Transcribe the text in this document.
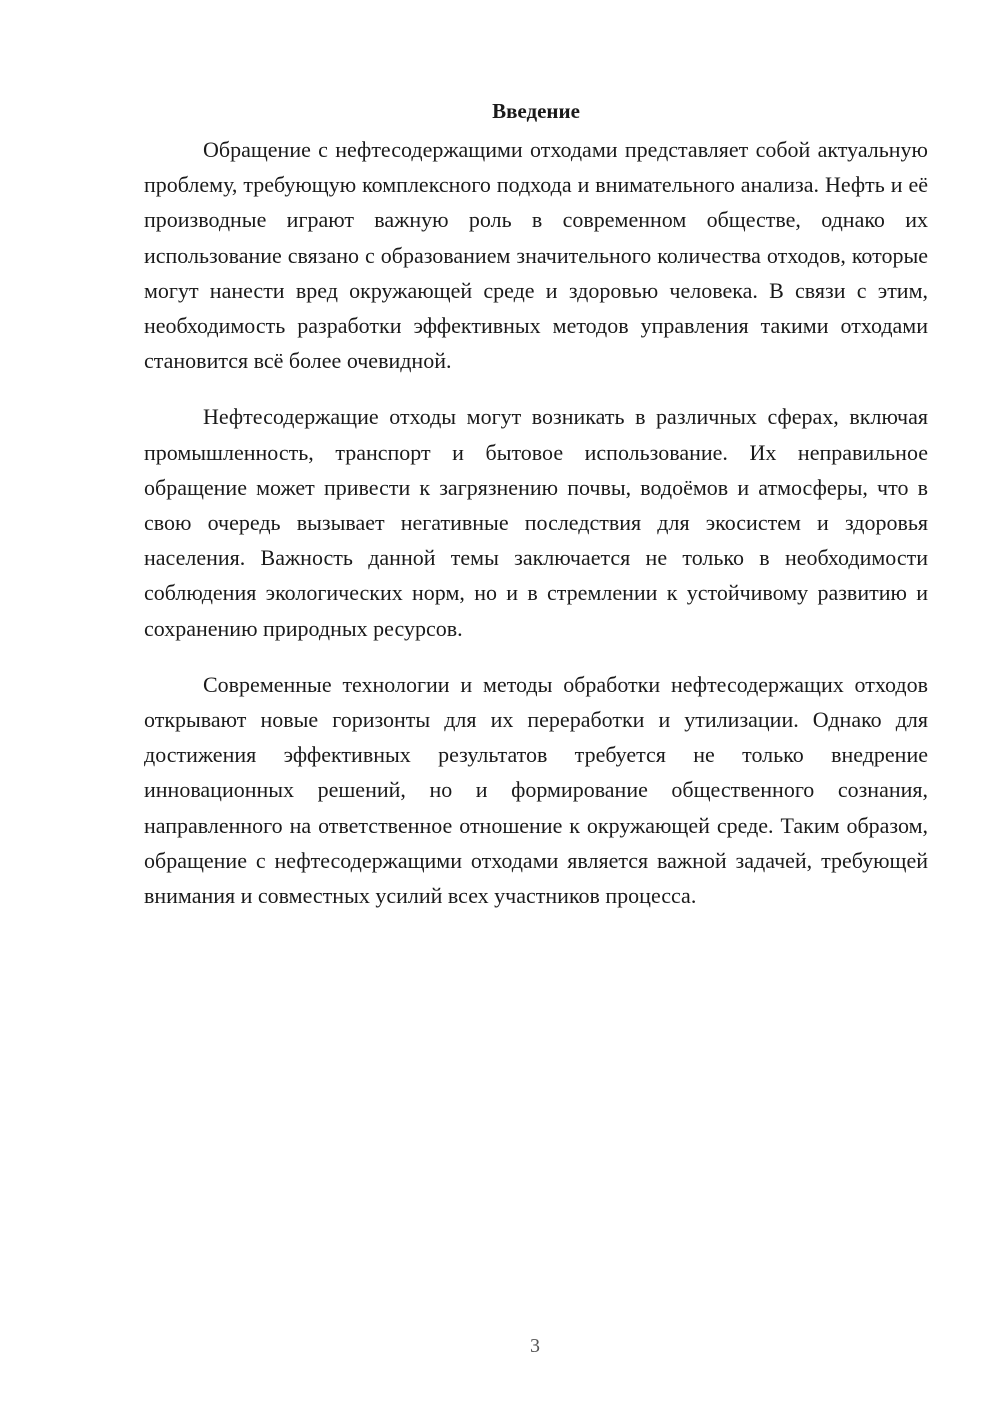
Введение

Обращение с нефтесодержащими отходами представляет собой актуальную проблему, требующую комплексного подхода и внимательного анализа. Нефть и её производные играют важную роль в современном обществе, однако их использование связано с образованием значительного количества отходов, которые могут нанести вред окружающей среде и здоровью человека. В связи с этим, необходимость разработки эффективных методов управления такими отходами становится всё более очевидной.

Нефтесодержащие отходы могут возникать в различных сферах, включая промышленность, транспорт и бытовое использование. Их неправильное обращение может привести к загрязнению почвы, водоёмов и атмосферы, что в свою очередь вызывает негативные последствия для экосистем и здоровья населения. Важность данной темы заключается не только в необходимости соблюдения экологических норм, но и в стремлении к устойчивому развитию и сохранению природных ресурсов.

Современные технологии и методы обработки нефтесодержащих отходов открывают новые горизонты для их переработки и утилизации. Однако для достижения эффективных результатов требуется не только внедрение инновационных решений, но и формирование общественного сознания, направленного на ответственное отношение к окружающей среде. Таким образом, обращение с нефтесодержащими отходами является важной задачей, требующей внимания и совместных усилий всех участников процесса.

3
